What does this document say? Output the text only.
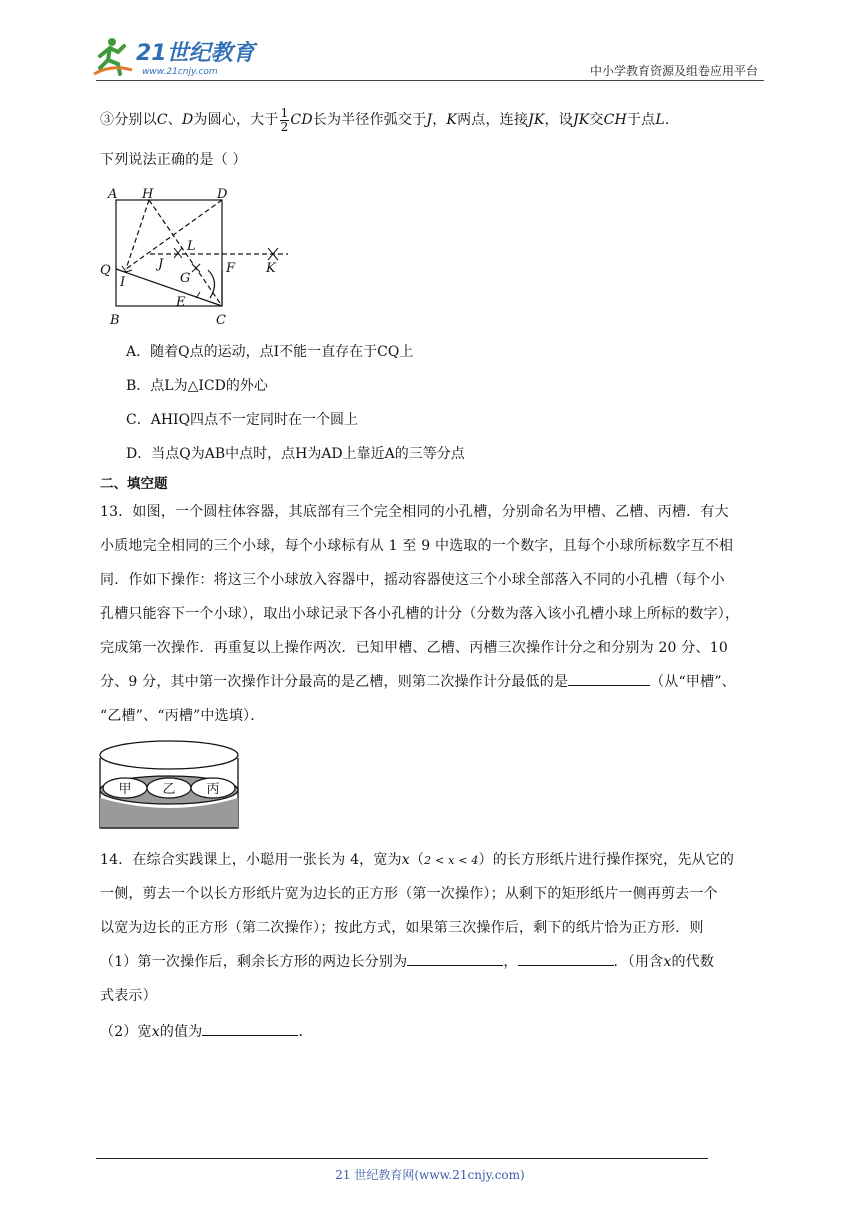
21世纪教育
www.21cnjy.com	中小学教育资源及组卷应用平台
③分别以C、D为圆心，大于 $\frac{1}{2}$ CD长为半径作弧交于J，K两点，连接JK，设JK交CH于点L.
下列说法正确的是（ ）
A H	D
J
L
K
Q
G
F
I
E
B	C
A．随着Q点的运动，点I不能一直存在于CQ上
B．点L为△ICD的外心
C．AHIQ四点不一定同时在一个圆上
D．当点Q为AB中点时，点H为AD上靠近A的三等分点
二、填空题
13．如图，一个圆柱体容器，其底部有三个完全相同的小孔槽，分别命名为甲槽、乙槽、丙槽．有大
小质地完全相同的三个小球，每个小球标有从 1 至 9 中选取的一个数字，且每个小球所标数字互不相
同．作如下操作：将这三个小球放入容器中，摇动容器使这三个小球全部落入不同的小孔槽（每个小
孔槽只能容下一个小球），取出小球记录下各小孔槽的计分（分数为落入该小孔槽小球上所标的数字），
完成第一次操作．再重复以上操作两次．已知甲槽、乙槽、丙槽三次操作计分之和分别为 20 分、10
分、9 分，其中第一次操作计分最高的是乙槽，则第二次操作计分最低的是	（从“甲槽”、
“乙槽”、“丙槽”中选填）．
甲 乙 丙
14．在综合实践课上，小聪用一张长为 4，宽为x（2 < x < 4）的长方形纸片进行操作探究，先从它的
一侧，剪去一个以长方形纸片宽为边长的正方形（第一次操作）；从剩下的矩形纸片一侧再剪去一个
以宽为边长的正方形（第二次操作）；按此方式，如果第三次操作后，剩下的纸片恰为正方形．则
（1）第一次操作后，剩余长方形的两边长分别为	，	．（用含x的代数
式表示）
（2）宽x的值为	．
21 世纪教育网(www.21cnjy.com)
